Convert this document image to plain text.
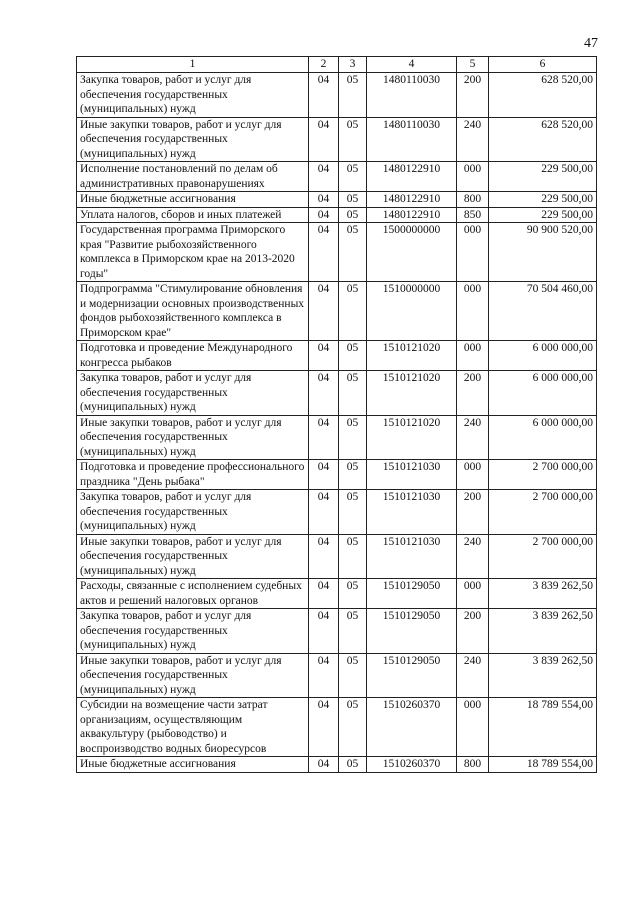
47
1	2	3	4	5	6
Закупка товаров, работ и услуг для обеспечения государственных (муниципальных) нужд	04	05	1480110030	200	628 520,00
Иные закупки товаров, работ и услуг для обеспечения государственных (муниципальных) нужд	04	05	1480110030	240	628 520,00
Исполнение постановлений по делам об административных правонарушениях	04	05	1480122910	000	229 500,00
Иные бюджетные ассигнования	04	05	1480122910	800	229 500,00
Уплата налогов, сборов и иных платежей	04	05	1480122910	850	229 500,00
Государственная программа Приморского края "Развитие рыбохозяйственного комплекса в Приморском крае на 2013-2020 годы"	04	05	1500000000	000	90 900 520,00
Подпрограмма "Стимулирование обновления и модернизации основных производственных фондов рыбохозяйственного комплекса в Приморском крае"	04	05	1510000000	000	70 504 460,00
Подготовка и проведение Международного конгресса рыбаков	04	05	1510121020	000	6 000 000,00
Закупка товаров, работ и услуг для обеспечения государственных (муниципальных) нужд	04	05	1510121020	200	6 000 000,00
Иные закупки товаров, работ и услуг для обеспечения государственных (муниципальных) нужд	04	05	1510121020	240	6 000 000,00
Подготовка и проведение профессионального праздника "День рыбака"	04	05	1510121030	000	2 700 000,00
Закупка товаров, работ и услуг для обеспечения государственных (муниципальных) нужд	04	05	1510121030	200	2 700 000,00
Иные закупки товаров, работ и услуг для обеспечения государственных (муниципальных) нужд	04	05	1510121030	240	2 700 000,00
Расходы, связанные с исполнением судебных актов и решений налоговых органов	04	05	1510129050	000	3 839 262,50
Закупка товаров, работ и услуг для обеспечения государственных (муниципальных) нужд	04	05	1510129050	200	3 839 262,50
Иные закупки товаров, работ и услуг для обеспечения государственных (муниципальных) нужд	04	05	1510129050	240	3 839 262,50
Субсидии на возмещение части затрат организациям, осуществляющим аквакультуру (рыбоводство) и воспроизводство водных биоресурсов	04	05	1510260370	000	18 789 554,00
Иные бюджетные ассигнования	04	05	1510260370	800	18 789 554,00
